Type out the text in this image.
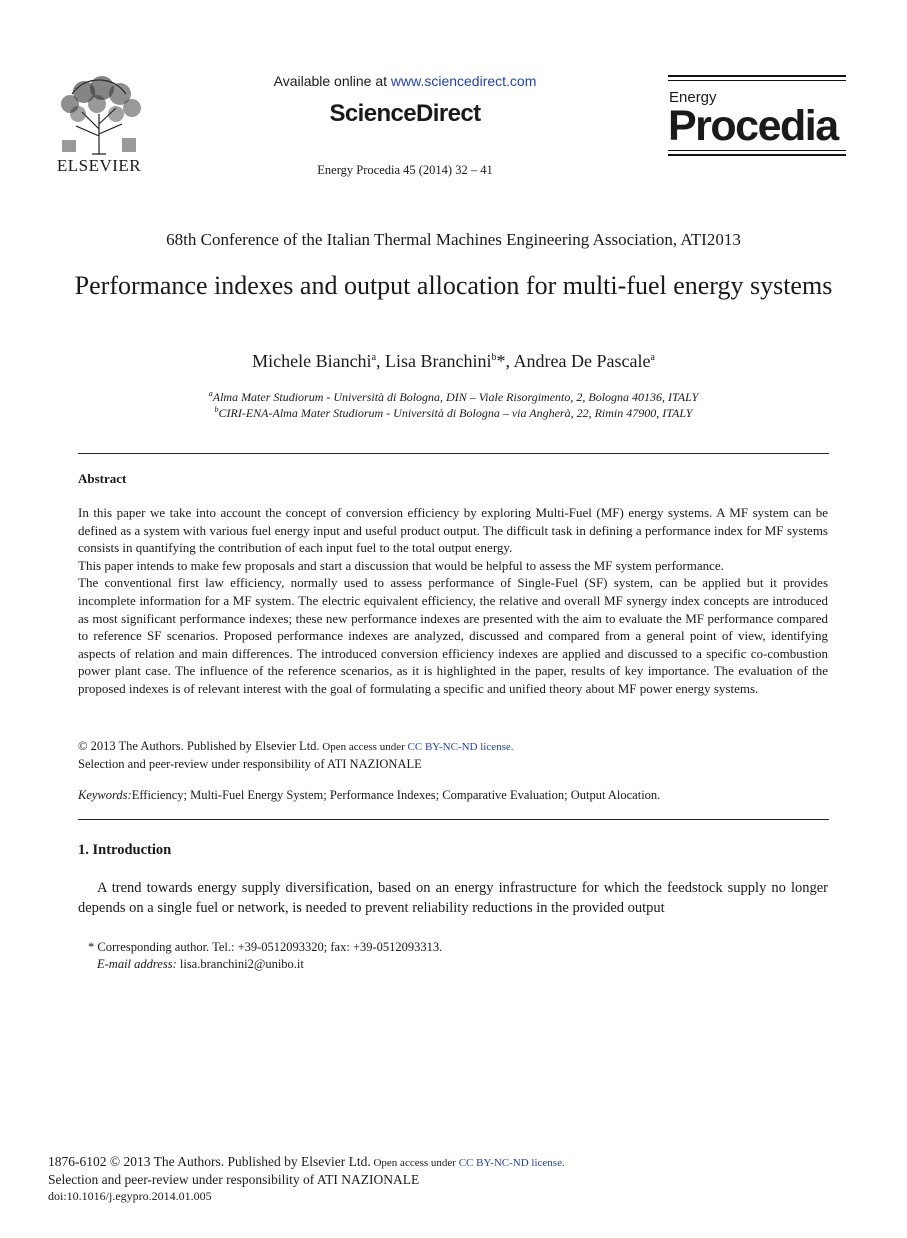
ELSEVIER
Available online at www.sciencedirect.com
ScienceDirect
Energy Procedia 45 (2014) 32 – 41
Energy
Procedia
68th Conference of the Italian Thermal Machines Engineering Association, ATI2013
Performance indexes and output allocation for multi-fuel energy systems
Michele Bianchi$^a$, Lisa Branchini$^b$*, Andrea De Pascale$^a$
$^a$Alma Mater Studiorum - Università di Bologna, DIN – Viale Risorgimento, 2, Bologna 40136, ITALY
$^b$CIRI-ENA-Alma Mater Studiorum - Università di Bologna – via Angherà, 22, Rimin 47900, ITALY
Abstract

In this paper we take into account the concept of conversion efficiency by exploring Multi-Fuel (MF) energy systems. A MF system can be defined as a system with various fuel energy input and useful product output. The difficult task in defining a performance index for MF systems consists in quantifying the contribution of each input fuel to the total output energy.

This paper intends to make few proposals and start a discussion that would be helpful to assess the MF system performance.

The conventional first law efficiency, normally used to assess performance of Single-Fuel (SF) system, can be applied but it provides incomplete information for a MF system. The electric equivalent efficiency, the relative and overall MF synergy index concepts are introduced as most significant performance indexes; these new performance indexes are presented with the aim to evaluate the MF performance compared to reference SF scenarios. Proposed performance indexes are analyzed, discussed and compared from a general point of view, identifying aspects of relation and main differences. The introduced conversion efficiency indexes are applied and discussed to a specific co-combustion power plant case. The influence of the reference scenarios, as it is highlighted in the paper, results of key importance. The evaluation of the proposed indexes is of relevant interest with the goal of formulating a specific and unified theory about MF power energy systems.

© 2013 The Authors. Published by Elsevier Ltd. Open access under CC BY-NC-ND license.
Selection and peer-review under responsibility of ATI NAZIONALE
Keywords:Efficiency; Multi-Fuel Energy System; Performance Indexes; Comparative Evaluation; Output Alocation.
1. Introduction

A trend towards energy supply diversification, based on an energy infrastructure for which the feedstock supply no longer depends on a single fuel or network, is needed to prevent reliability reductions in the provided output

* Corresponding author. Tel.: +39-0512093320; fax: +39-0512093313.
E-mail address: lisa.branchini2@unibo.it
1876-6102 © 2013 The Authors. Published by Elsevier Ltd. Open access under CC BY-NC-ND license.
Selection and peer-review under responsibility of ATI NAZIONALE
doi:10.1016/j.egypro.2014.01.005
